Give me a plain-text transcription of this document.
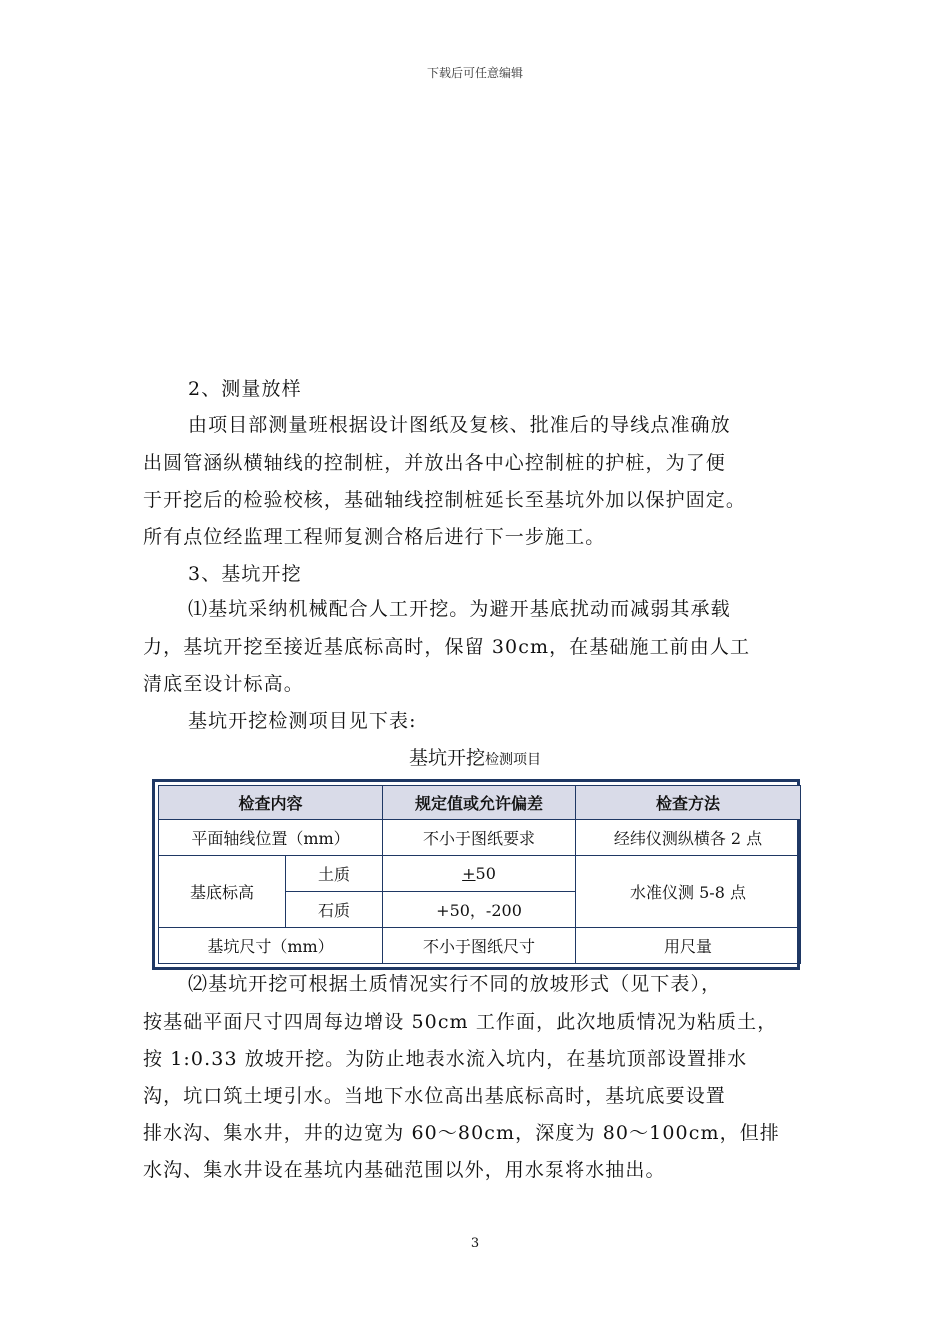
下载后可任意编辑
2、测量放样
由项目部测量班根据设计图纸及复核、批准后的导线点准确放
出圆管涵纵横轴线的控制桩，并放出各中心控制桩的护桩，为了便
于开挖后的检验校核，基础轴线控制桩延长至基坑外加以保护固定。
所有点位经监理工程师复测合格后进行下一步施工。
3、基坑开挖
⑴基坑采纳机械配合人工开挖。为避开基底扰动而减弱其承载
力，基坑开挖至接近基底标高时，保留 30cm，在基础施工前由人工
清底至设计标高。
基坑开挖检测项目见下表:
基坑开挖检测项目
检查内容		规定值或允许偏差	检查方法
平面轴线位置（mm）		不小于图纸要求	经纬仪测纵横各 2 点
基底标高	土质	+50	水准仪测 5-8 点
	石质	+50，-200	
基坑尺寸（mm）		不小于图纸尺寸	用尺量
⑵基坑开挖可根据土质情况实行不同的放坡形式（见下表），
按基础平面尺寸四周每边增设 50cm 工作面，此次地质情况为粘质土，
按 1:0.33 放坡开挖。为防止地表水流入坑内，在基坑顶部设置排水
沟，坑口筑土埂引水。当地下水位高出基底标高时，基坑底要设置
排水沟、集水井，井的边宽为 60～80cm，深度为 80～100cm，但排
水沟、集水井设在基坑内基础范围以外，用水泵将水抽出。
3
